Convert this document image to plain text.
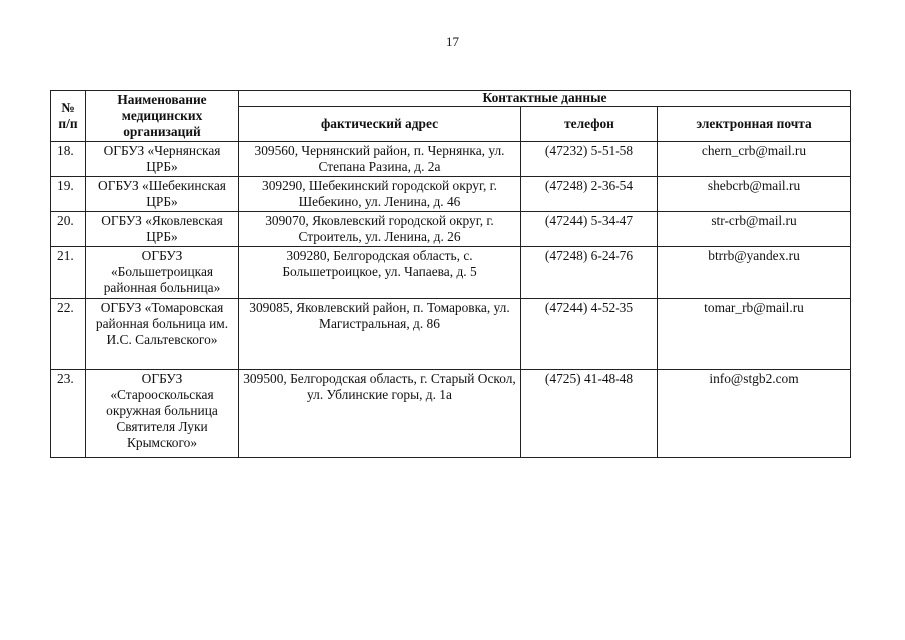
17
№ п/п	Наименование медицинских организаций	Контактные данные		
		фактический адрес	телефон	электронная почта
18.	ОГБУЗ «Чернянская ЦРБ»	309560, Чернянский район, п. Чернянка, ул. Степана Разина, д. 2а	(47232) 5-51-58	chern_crb@mail.ru
19.	ОГБУЗ «Шебекинская ЦРБ»	309290, Шебекинский городской округ, г. Шебекино, ул. Ленина, д. 46	(47248) 2-36-54	shebcrb@mail.ru
20.	ОГБУЗ «Яковлевская ЦРБ»	309070, Яковлевский городской округ, г. Строитель, ул. Ленина, д. 26	(47244) 5-34-47	str-crb@mail.ru
21.	ОГБУЗ «Большетроицкая районная больница»	309280, Белгородская область, с. Большетроицкое, ул. Чапаева, д. 5	(47248) 6-24-76	btrrb@yandex.ru
22.	ОГБУЗ «Томаровская районная больница им. И.С. Сальтевского»	309085, Яковлевский район, п. Томаровка, ул. Магистральная, д. 86	(47244) 4-52-35	tomar_rb@mail.ru
23.	ОГБУЗ «Старооскольская окружная больница Святителя Луки Крымского»	309500, Белгородская область, г. Старый Оскол, ул. Ублинские горы, д. 1а	(4725) 41-48-48	info@stgb2.com
